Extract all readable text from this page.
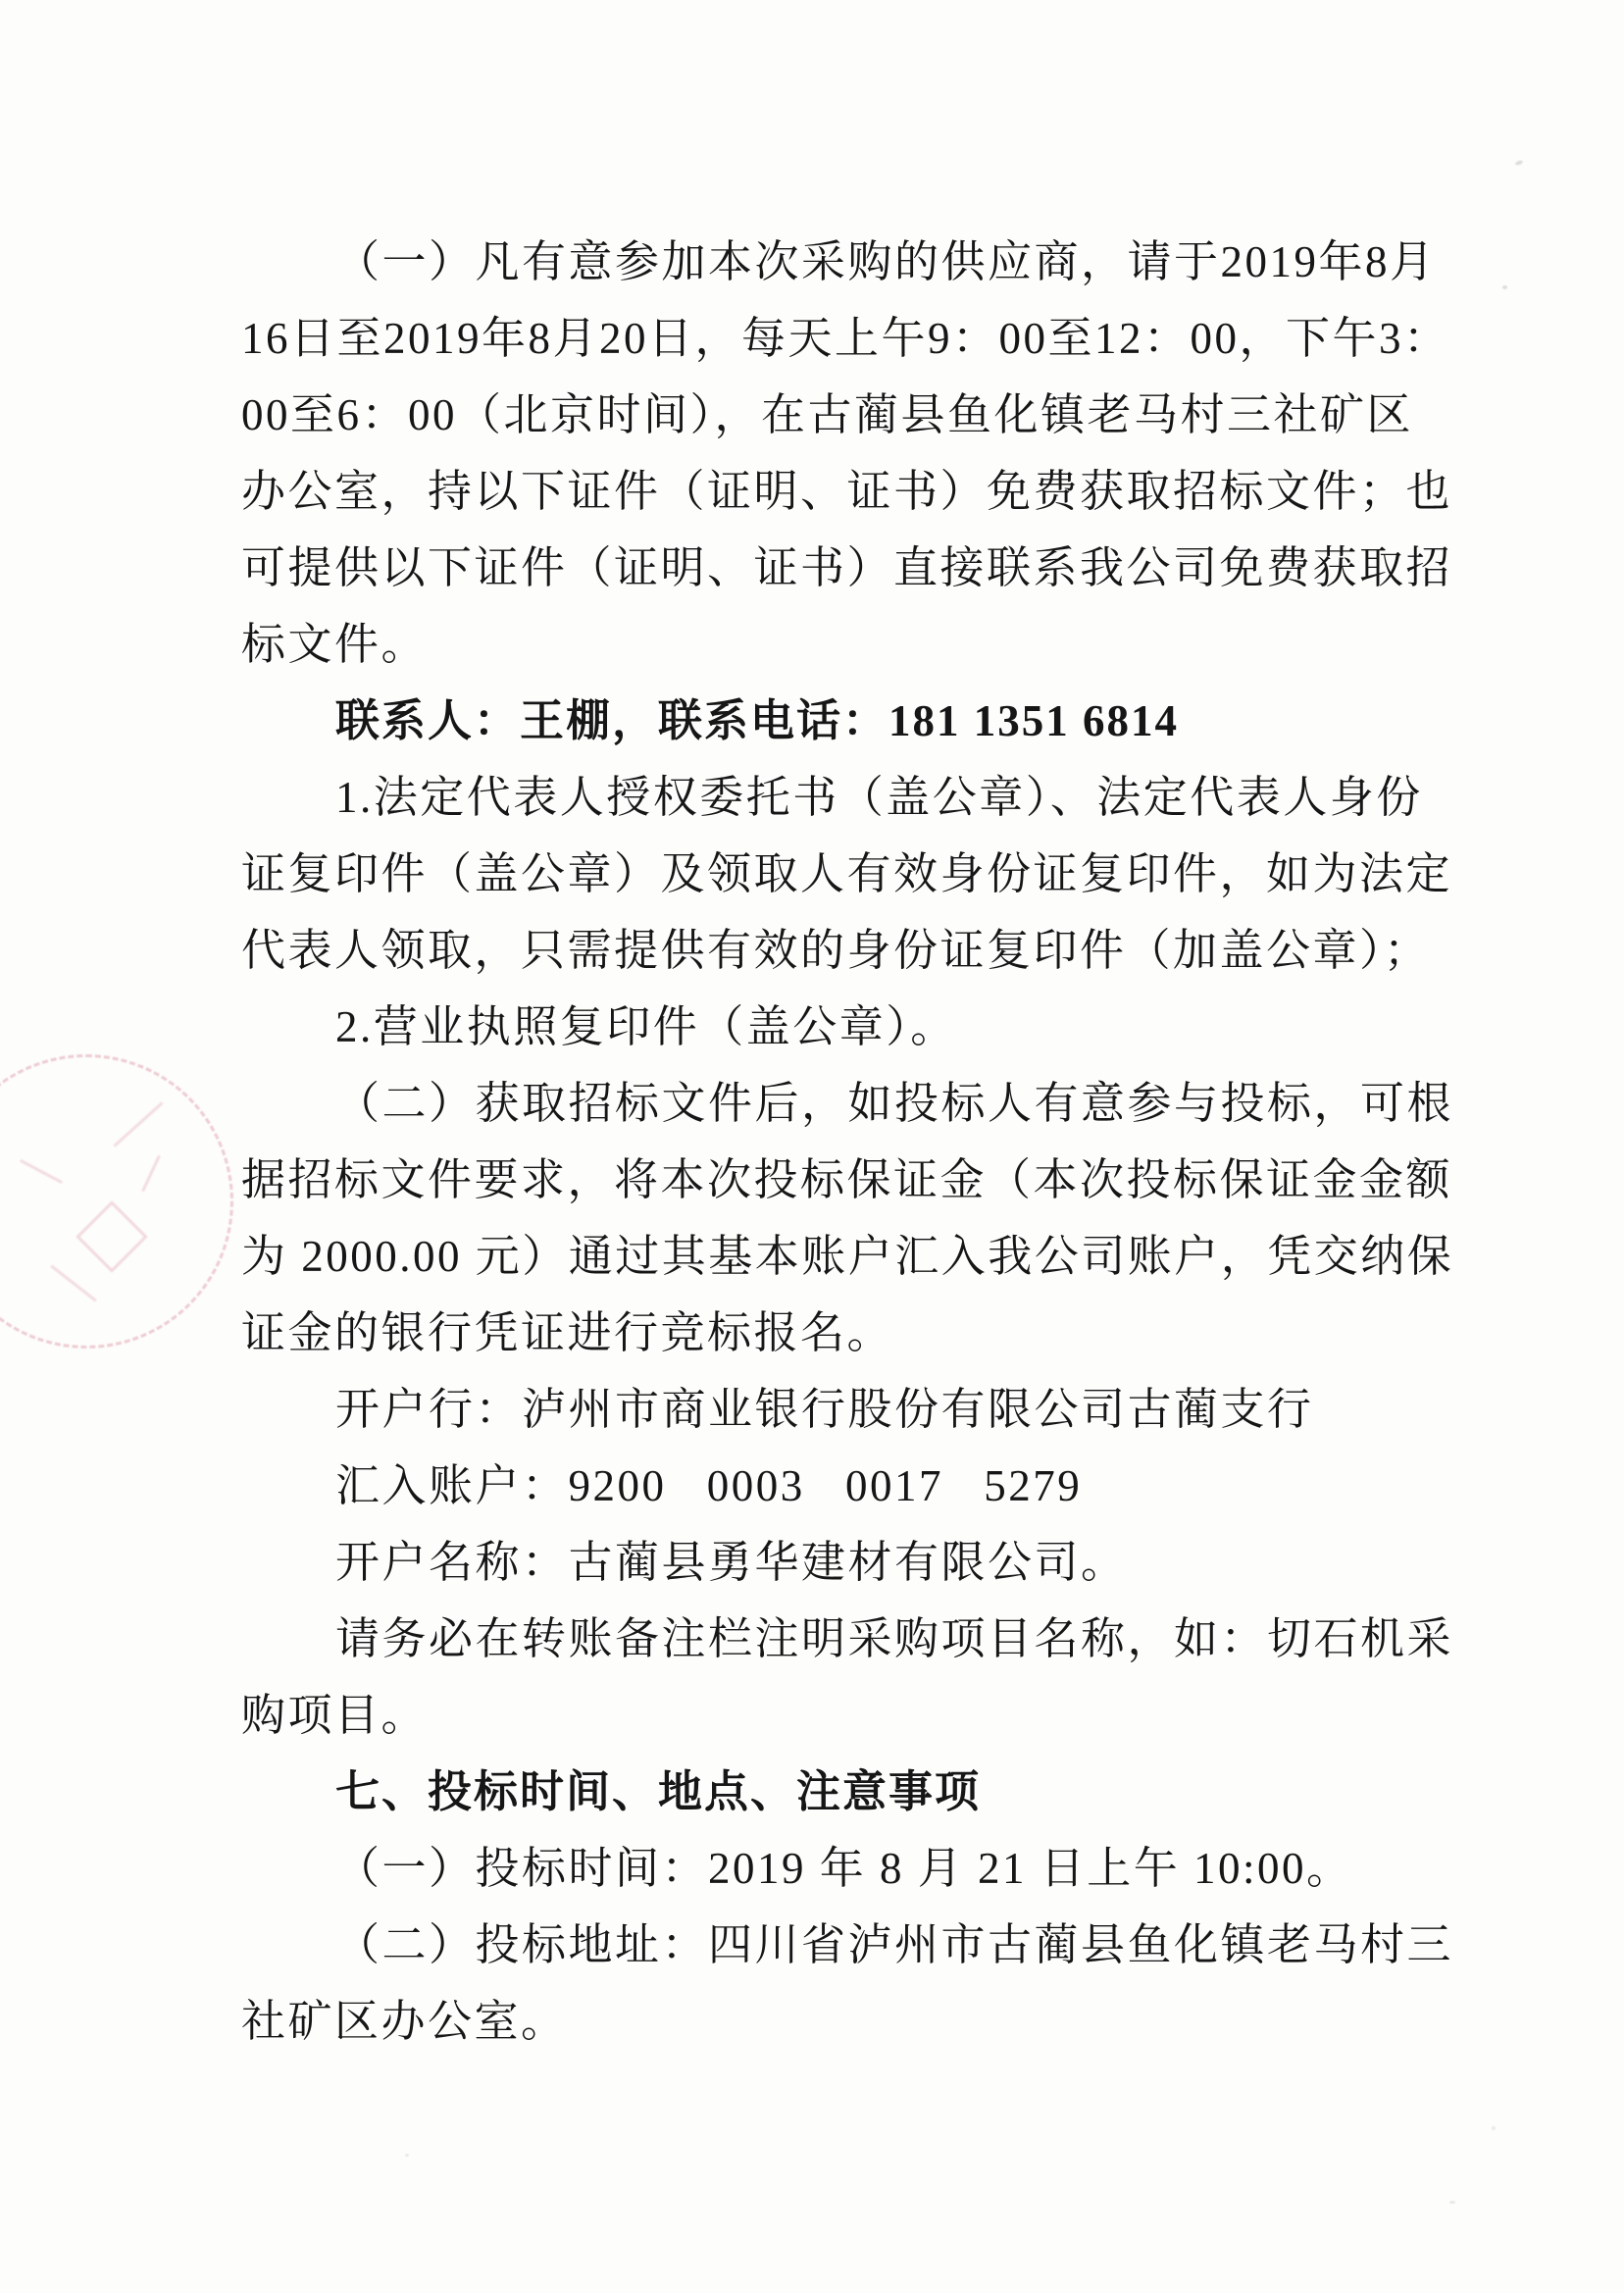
（一）凡有意参加本次采购的供应商，请于2019年8月
16日至2019年8月20日，每天上午9：00至12：00，下午3：
00至6：00（北京时间），在古蔺县鱼化镇老马村三社矿区
办公室，持以下证件（证明、证书）免费获取招标文件；也
可提供以下证件（证明、证书）直接联系我公司免费获取招
标文件。
联系人：王棚，联系电话：181 1351 6814
1.法定代表人授权委托书（盖公章）、法定代表人身份
证复印件（盖公章）及领取人有效身份证复印件，如为法定
代表人领取，只需提供有效的身份证复印件（加盖公章）；
2.营业执照复印件（盖公章）。
（二）获取招标文件后，如投标人有意参与投标，可根
据招标文件要求，将本次投标保证金（本次投标保证金金额
为 2000.00 元）通过其基本账户汇入我公司账户，凭交纳保
证金的银行凭证进行竞标报名。
开户行：泸州市商业银行股份有限公司古蔺支行
汇入账户：9200   0003   0017   5279
开户名称：古蔺县勇华建材有限公司。
请务必在转账备注栏注明采购项目名称，如：切石机采
购项目。
七、投标时间、地点、注意事项
（一）投标时间：2019 年 8 月 21 日上午 10:00。
（二）投标地址：四川省泸州市古蔺县鱼化镇老马村三
社矿区办公室。
